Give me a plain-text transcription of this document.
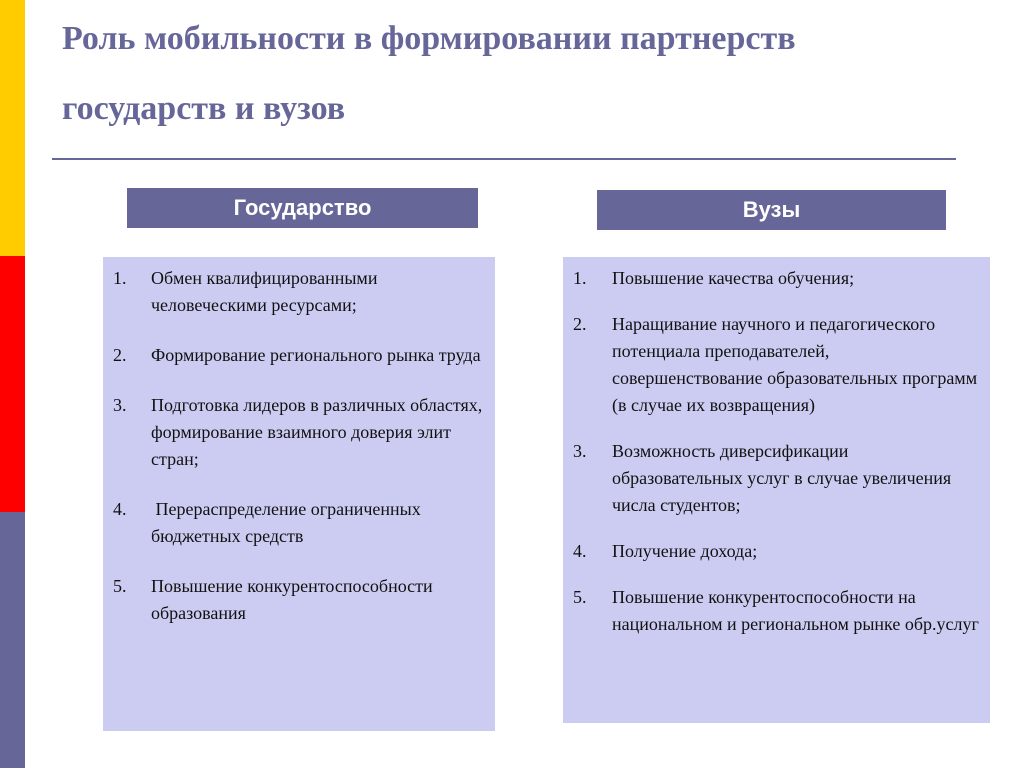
Роль мобильности в формировании партнерств государств и вузов
Государство	Вузы
1. Обмен квалифицированными человеческими ресурсами;
2. Формирование регионального рынка труда
3. Подготовка лидеров в различных областях, формирование взаимного доверия элит стран;
4. Перераспределение ограниченных бюджетных средств
5. Повышение конкурентоспособности образования
1. Повышение качества обучения;
2. Наращивание научного и педагогического потенциала преподавателей, совершенствование образовательных программ (в случае их возвращения)
3. Возможность диверсификации образовательных услуг в случае увеличения числа студентов;
4. Получение дохода;
5. Повышение конкурентоспособности на национальном и региональном рынке обр.услуг
